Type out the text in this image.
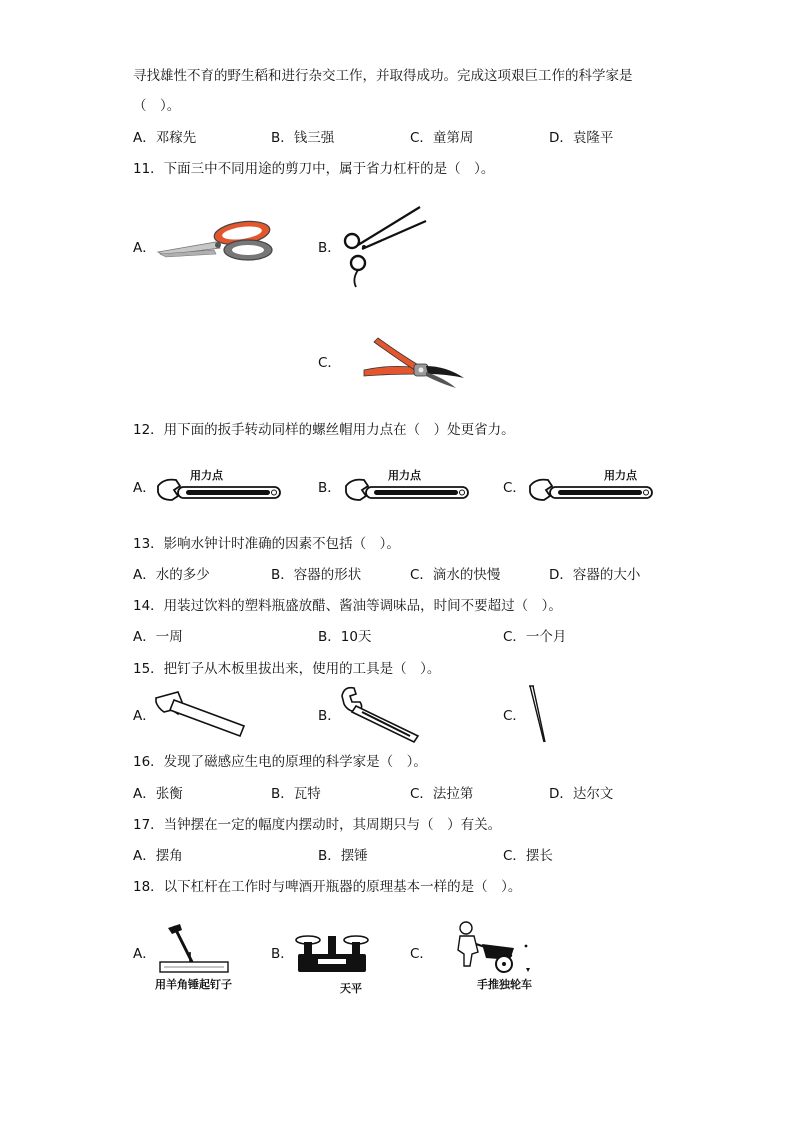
寻找雄性不育的野生稻和进行杂交工作，并取得成功。完成这项艰巨工作的科学家是
（　）。
A．邓稼先	B．钱三强	C．童第周	D．袁隆平
11．下面三中不同用途的剪刀中，属于省力杠杆的是（　）。
A．	B．
C．
12．用下面的扳手转动同样的螺丝帽用力点在（　）处更省力。
A．
用力点
B．
用力点
C．
用力点
13．影响水钟计时准确的因素不包括（　）。
A．水的多少	B．容器的形状	C．滴水的快慢	D．容器的大小
14．用装过饮料的塑料瓶盛放醋、酱油等调味品，时间不要超过（　）。
A．一周	B．10天	C．一个月
15．把钉子从木板里拔出来，使用的工具是（　）。
A．	B．	C．
16．发现了磁感应生电的原理的科学家是（　）。
A．张衡	B．瓦特	C．法拉第	D．达尔文
17．当钟摆在一定的幅度内摆动时，其周期只与（　）有关。
A．摆角	B．摆锤	C．摆长
18．以下杠杆在工作时与啤酒开瓶器的原理基本一样的是（　）。
A．
用羊角锤起钉子
B．
天平
C．
手推独轮车
